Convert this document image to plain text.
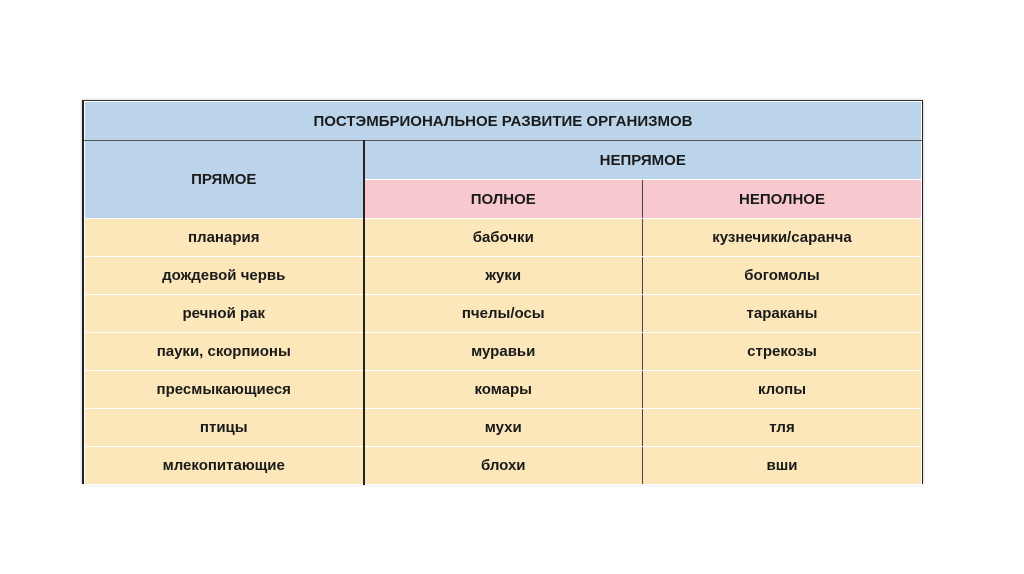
ПОСТЭМБРИОНАЛЬНОЕ РАЗВИТИЕ ОРГАНИЗМОВ		
ПРЯМОЕ	НЕПРЯМОЕ	
	ПОЛНОЕ	НЕПОЛНОЕ
планария	бабочки	кузнечики/саранча
дождевой червь	жуки	богомолы
речной рак	пчелы/осы	тараканы
пауки, скорпионы	муравьи	стрекозы
пресмыкающиеся	комары	клопы
птицы	мухи	тля
млекопитающие	блохи	вши
